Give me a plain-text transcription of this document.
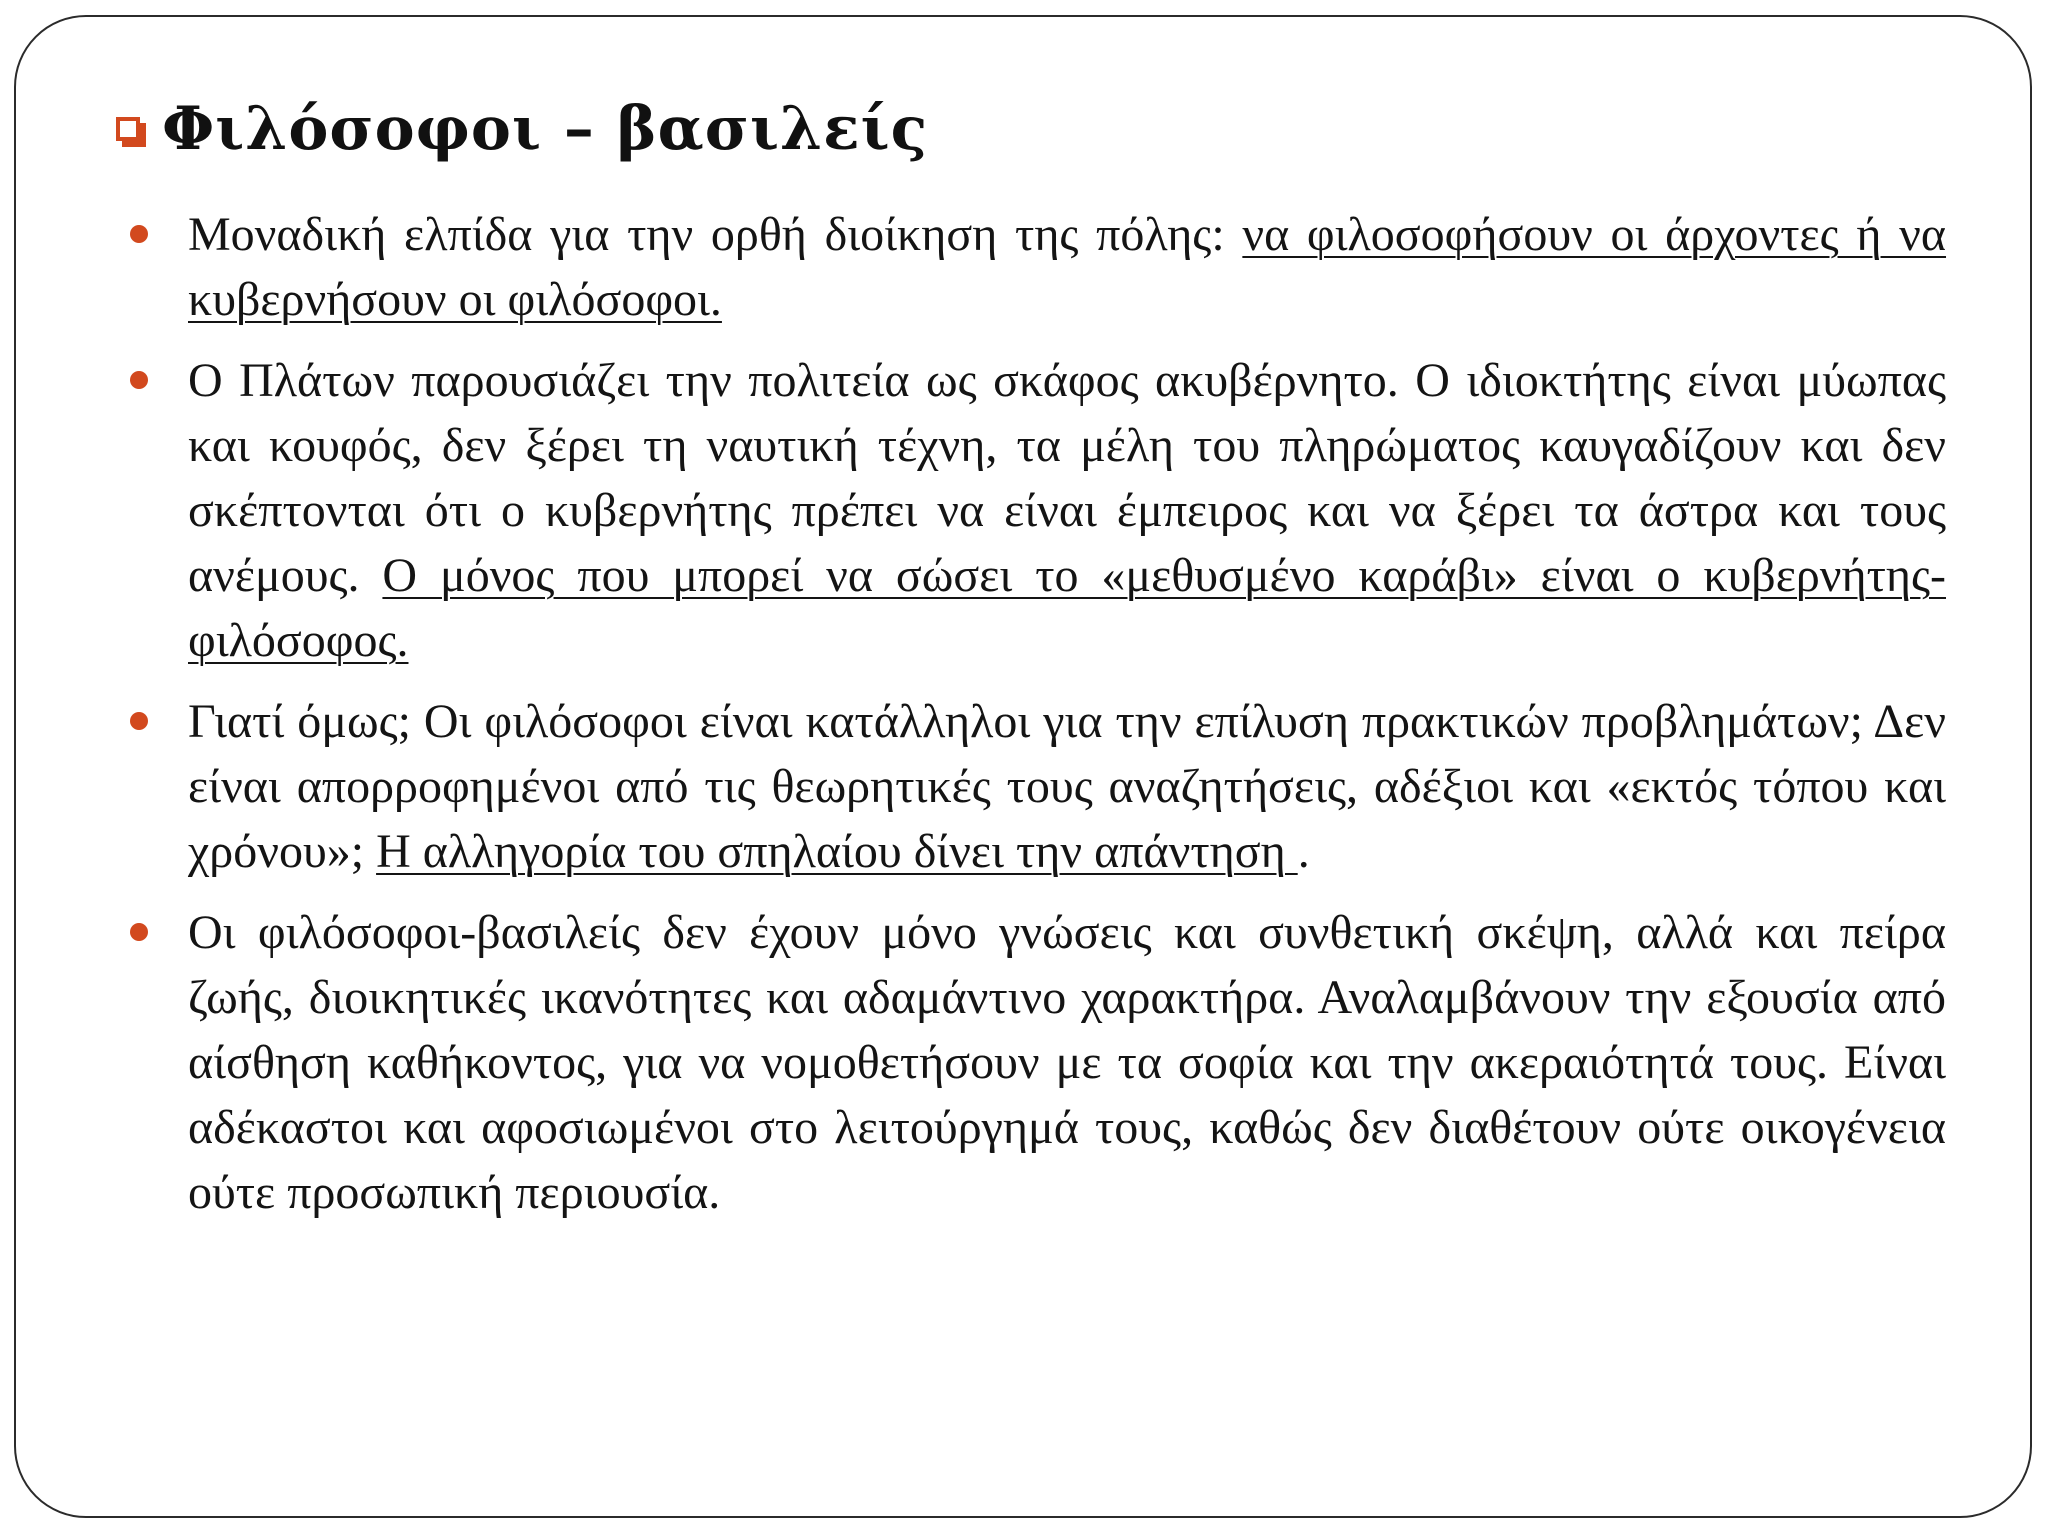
Φιλόσοφοι – βασιλείς
Μοναδική ελπίδα για την ορθή διοίκηση της πόλης: να φιλοσοφήσουν οι άρχοντες ή να κυβερνήσουν οι φιλόσοφοι.
Ο Πλάτων παρουσιάζει την πολιτεία ως σκάφος ακυβέρνητο. Ο ιδιοκτήτης είναι μύωπας και κουφός, δεν ξέρει τη ναυτική τέχνη, τα μέλη του πληρώματος καυγαδίζουν και δεν σκέπτονται ότι ο κυβερνήτης πρέπει να είναι έμπειρος και να ξέρει τα άστρα και τους ανέμους. Ο μόνος που μπορεί να σώσει το «μεθυσμένο καράβι» είναι ο κυβερνήτης-φιλόσοφος.
Γιατί όμως; Οι φιλόσοφοι είναι κατάλληλοι για την επίλυση πρακτικών προβλημάτων; Δεν είναι απορροφημένοι από τις θεωρητικές τους αναζητήσεις, αδέξιοι και «εκτός τόπου και χρόνου»; Η αλληγορία του σπηλαίου δίνει την απάντηση .
Οι φιλόσοφοι-βασιλείς δεν έχουν μόνο γνώσεις και συνθετική σκέψη, αλλά και πείρα ζωής, διοικητικές ικανότητες και αδαμάντινο χαρακτήρα. Αναλαμβάνουν την εξουσία από αίσθηση καθήκοντος, για να νομοθετήσουν με τα σοφία και την ακεραιότητά τους. Είναι αδέκαστοι και αφοσιωμένοι στο λειτούργημά τους, καθώς δεν διαθέτουν ούτε οικογένεια ούτε προσωπική περιουσία.
